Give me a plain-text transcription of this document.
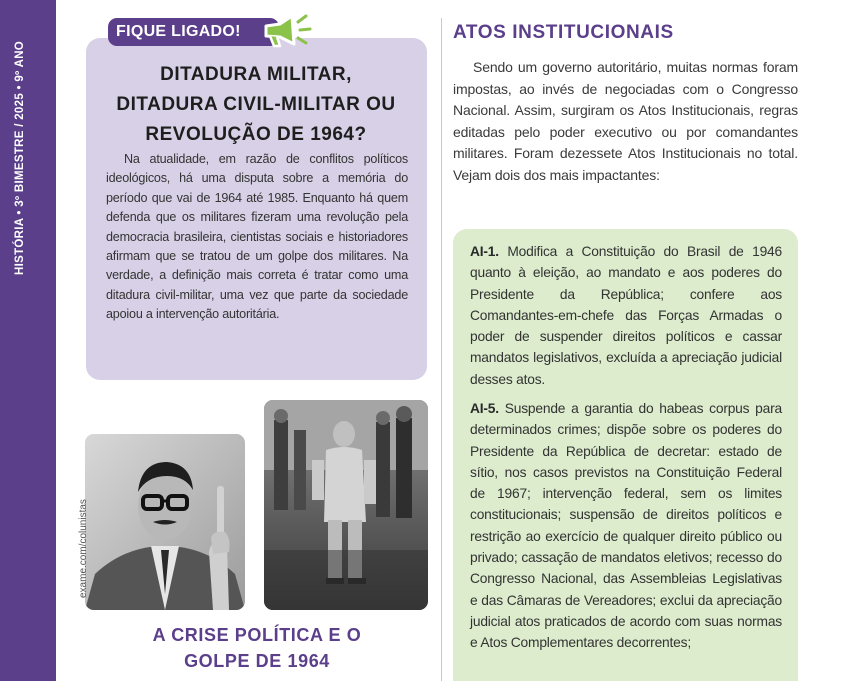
HISTÓRIA • 3º BIMESTRE / 2025 • 9º ANO
FIQUE LIGADO!
DITADURA MILITAR,
DITADURA CIVIL-MILITAR OU
REVOLUÇÃO DE 1964?
Na atualidade, em razão de conflitos políticos ideológicos, há uma disputa sobre a memória do período que vai de 1964 até 1985. Enquanto há quem defenda que os militares fizeram uma revolução pela democracia brasileira, cientistas sociais e historiadores afirmam que se tratou de um golpe dos militares. Na verdade, a definição mais correta é tratar como uma ditadura civil-militar, uma vez que parte da sociedade apoiou a intervenção autoritária.
exame.com/colunistas
A CRISE POLÍTICA E O
GOLPE DE 1964
ATOS INSTITUCIONAIS
Sendo um governo autoritário, muitas normas foram impostas, ao invés de negociadas com o Congresso Nacional. Assim, surgiram os Atos Institucionais, regras editadas pelo poder executivo ou por comandantes militares. Foram dezessete Atos Institucionais no total. Vejam dois dos mais impactantes:
AI-1. Modifica a Constituição do Brasil de 1946 quanto à eleição, ao mandato e aos poderes do Presidente da República; confere aos Comandantes-em-chefe das Forças Armadas o poder de suspender direitos políticos e cassar mandatos legislativos, excluída a apreciação judicial desses atos.
AI-5. Suspende a garantia do habeas corpus para determinados crimes; dispõe sobre os poderes do Presidente da República de decretar: estado de sítio, nos casos previstos na Constituição Federal de 1967; intervenção federal, sem os limites constitucionais; suspensão de direitos políticos e restrição ao exercício de qualquer direito público ou privado; cassação de mandatos eletivos; recesso do Congresso Nacional, das Assembleias Legislativas e das Câmaras de Vereadores; exclui da apreciação judicial atos praticados de acordo com suas normas e Atos Complementares decorrentes;
